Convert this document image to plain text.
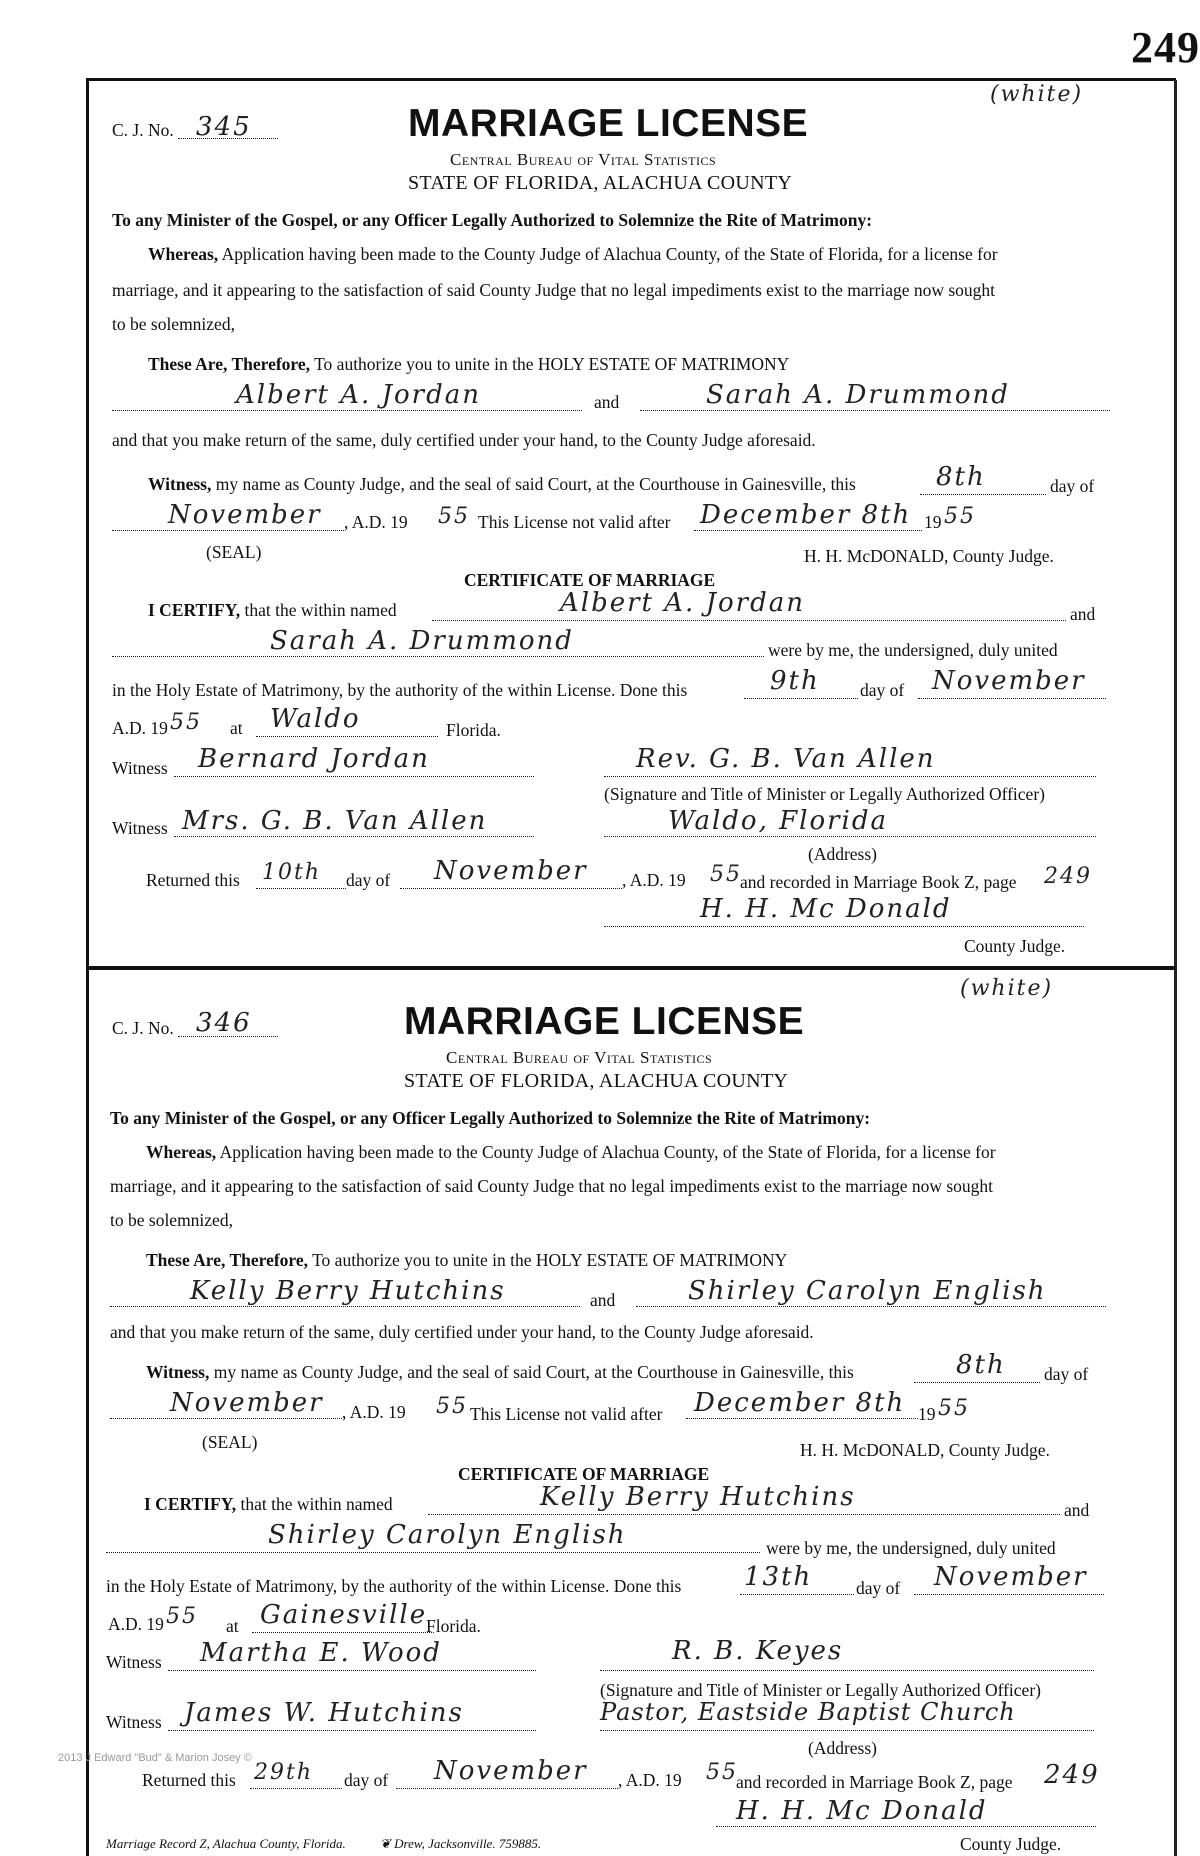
249
(white)
C. J. No. 345	MARRIAGE LICENSE
Central Bureau of Vital Statistics
STATE OF FLORIDA, ALACHUA COUNTY
To any Minister of the Gospel, or any Officer Legally Authorized to Solemnize the Rite of Matrimony:
Whereas, Application having been made to the County Judge of Alachua County, of the State of Florida, for a license for
marriage, and it appearing to the satisfaction of said County Judge that no legal impediments exist to the marriage now sought
to be solemnized,
These Are, Therefore, To authorize you to unite in the HOLY ESTATE OF MATRIMONY
Albert A. Jordan	and	Sarah A. Drummond
and that you make return of the same, duly certified under your hand, to the County Judge aforesaid.
Witness, my name as County Judge, and the seal of said Court, at the Courthouse in Gainesville, this	8th	day of
November , A.D. 19 55 This License not valid after December 8th 19 55
(SEAL)	H. H. McDONALD, County Judge.
CERTIFICATE OF MARRIAGE
I CERTIFY, that the within named	Albert A. Jordan	and
Sarah A. Drummond	were by me, the undersigned, duly united
in the Holy Estate of Matrimony, by the authority of the within License. Done this	9th day of November
A.D. 19 55 at Waldo	Florida.
Witness Bernard Jordan	Rev. G. B. Van Allen
(Signature and Title of Minister or Legally Authorized Officer)
Witness Mrs. G. B. Van Allen	Waldo, Florida
(Address)
Returned this 10th day of November , A.D. 19 55
and recorded in Marriage Book Z, page 249
H. H. Mc Donald
County Judge.
(white)
C. J. No. 346	MARRIAGE LICENSE
Central Bureau of Vital Statistics
STATE OF FLORIDA, ALACHUA COUNTY
To any Minister of the Gospel, or any Officer Legally Authorized to Solemnize the Rite of Matrimony:
Whereas, Application having been made to the County Judge of Alachua County, of the State of Florida, for a license for
marriage, and it appearing to the satisfaction of said County Judge that no legal impediments exist to the marriage now sought
to be solemnized,
These Are, Therefore, To authorize you to unite in the HOLY ESTATE OF MATRIMONY
Kelly Berry Hutchins	and	Shirley Carolyn English
and that you make return of the same, duly certified under your hand, to the County Judge aforesaid.
Witness, my name as County Judge, and the seal of said Court, at the Courthouse in Gainesville, this	8th day of
November , A.D. 19 55 This License not valid after December 8th 19 55
(SEAL)	H. H. McDONALD, County Judge.
CERTIFICATE OF MARRIAGE
I CERTIFY, that the within named	Kelly Berry Hutchins	and
Shirley Carolyn English	were by me, the undersigned, duly united
in the Holy Estate of Matrimony, by the authority of the within License. Done this 13th day of November
A.D. 19 55 at Gainesville
Florida.
Witness Martha E. Wood	R. B. Keyes
(Signature and Title of Minister or Legally Authorized Officer)
Witness James W. Hutchins	Pastor, Eastside Baptist Church
(Address)
Returned this 29th day of November , A.D. 19 55
and recorded in Marriage Book Z, page 249
H. H. Mc Donald
County Judge.
2013 J Edward "Bud" & Marion Josey ©
Marriage Record Z, Alachua County, Florida.	❦ Drew, Jacksonville. 759885.
